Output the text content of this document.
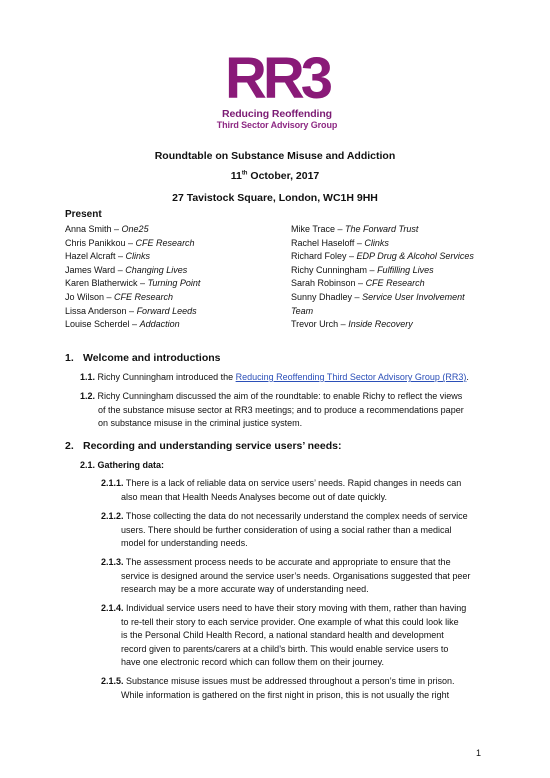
RR3
Reducing Reoffending
Third Sector Advisory Group
Roundtable on Substance Misuse and Addiction
11th October, 2017
27 Tavistock Square, London, WC1H 9HH
Present
Anna Smith – One25
Chris Panikkou – CFE Research
Hazel Alcraft – Clinks
James Ward – Changing Lives
Karen Blatherwick – Turning Point
Jo Wilson – CFE Research
Lissa Anderson – Forward Leeds
Louise Scherdel – Addaction
Mike Trace – The Forward Trust
Rachel Haseloff – Clinks
Richard Foley – EDP Drug & Alcohol Services
Richy Cunningham – Fulfilling Lives
Sarah Robinson – CFE Research
Sunny Dhadley – Service User Involvement
Team
Trevor Urch – Inside Recovery
1. Welcome and introductions
1.1. Richy Cunningham introduced the Reducing Reoffending Third Sector Advisory Group (RR3).
1.2. Richy Cunningham discussed the aim of the roundtable: to enable Richy to reflect the views
of the substance misuse sector at RR3 meetings; and to produce a recommendations paper
on substance misuse in the criminal justice system.
2. Recording and understanding service users’ needs:
2.1. Gathering data:
2.1.1. There is a lack of reliable data on service users’ needs. Rapid changes in needs can
also mean that Health Needs Analyses become out of date quickly.
2.1.2. Those collecting the data do not necessarily understand the complex needs of service
users. There should be further consideration of using a social rather than a medical
model for understanding needs.
2.1.3. The assessment process needs to be accurate and appropriate to ensure that the
service is designed around the service user’s needs. Organisations suggested that peer
research may be a more accurate way of understanding need.
2.1.4. Individual service users need to have their story moving with them, rather than having
to re-tell their story to each service provider. One example of what this could look like
is the Personal Child Health Record, a national standard health and development
record given to parents/carers at a child’s birth. This would enable service users to
have one electronic record which can follow them on their journey.
2.1.5. Substance misuse issues must be addressed throughout a person’s time in prison.
While information is gathered on the first night in prison, this is not usually the right
1
